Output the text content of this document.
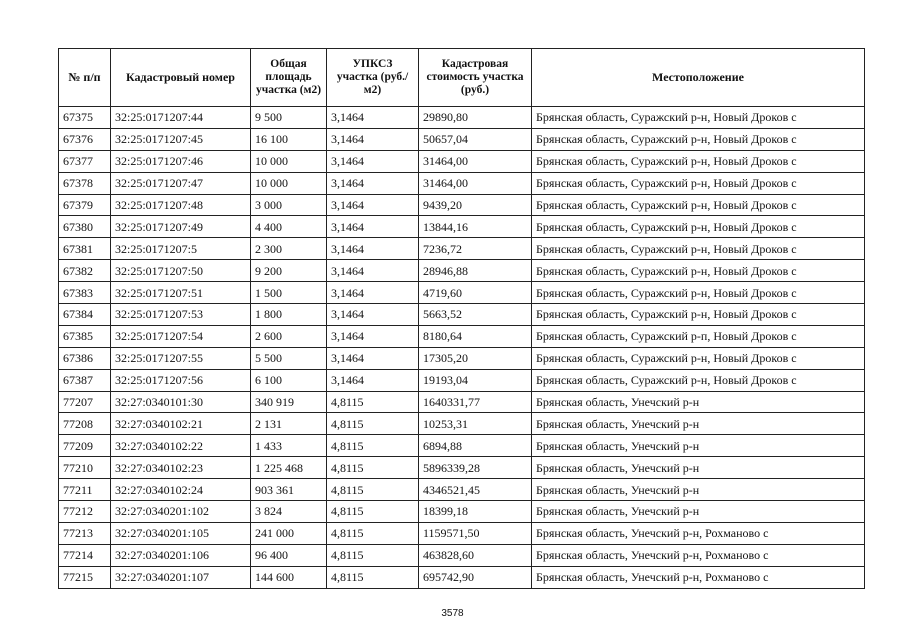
№ п/п	Кадастровый номер	Общая площадь участка (м2)	УПКСЗ участка (руб./м2)	Кадастровая стоимость участка (руб.)	Местоположение
67375	32:25:0171207:44	9 500	3,1464	29890,80	Брянская область, Суражский р-н, Новый Дроков с
67376	32:25:0171207:45	16 100	3,1464	50657,04	Брянская область, Суражский р-н, Новый Дроков с
67377	32:25:0171207:46	10 000	3,1464	31464,00	Брянская область, Суражский р-н, Новый Дроков с
67378	32:25:0171207:47	10 000	3,1464	31464,00	Брянская область, Суражский р-н, Новый Дроков с
67379	32:25:0171207:48	3 000	3,1464	9439,20	Брянская область, Суражский р-н, Новый Дроков с
67380	32:25:0171207:49	4 400	3,1464	13844,16	Брянская область, Суражский р-н, Новый Дроков с
67381	32:25:0171207:5	2 300	3,1464	7236,72	Брянская область, Суражский р-н, Новый Дроков с
67382	32:25:0171207:50	9 200	3,1464	28946,88	Брянская область, Суражский р-н, Новый Дроков с
67383	32:25:0171207:51	1 500	3,1464	4719,60	Брянская область, Суражский р-н, Новый Дроков с
67384	32:25:0171207:53	1 800	3,1464	5663,52	Брянская область, Суражский р-н, Новый Дроков с
67385	32:25:0171207:54	2 600	3,1464	8180,64	Брянская область, Суражский р-п, Новый Дроков с
67386	32:25:0171207:55	5 500	3,1464	17305,20	Брянская область, Суражский р-н, Новый Дроков с
67387	32:25:0171207:56	6 100	3,1464	19193,04	Брянская область, Суражский р-н, Новый Дроков с
77207	32:27:0340101:30	340 919	4,8115	1640331,77	Брянская область, Унечский р-н
77208	32:27:0340102:21	2 131	4,8115	10253,31	Брянская область, Унечский р-н
77209	32:27:0340102:22	1 433	4,8115	6894,88	Брянская область, Унечский р-н
77210	32:27:0340102:23	1 225 468	4,8115	5896339,28	Брянская область, Унечский р-н
77211	32:27:0340102:24	903 361	4,8115	4346521,45	Брянская область, Унечский р-н
77212	32:27:0340201:102	3 824	4,8115	18399,18	Брянская область, Унечский р-н
77213	32:27:0340201:105	241 000	4,8115	1159571,50	Брянская область, Унечский р-н, Рохманово с
77214	32:27:0340201:106	96 400	4,8115	463828,60	Брянская область, Унечский р-н, Рохманово с
77215	32:27:0340201:107	144 600	4,8115	695742,90	Брянская область, Унечский р-н, Рохманово с
3578
